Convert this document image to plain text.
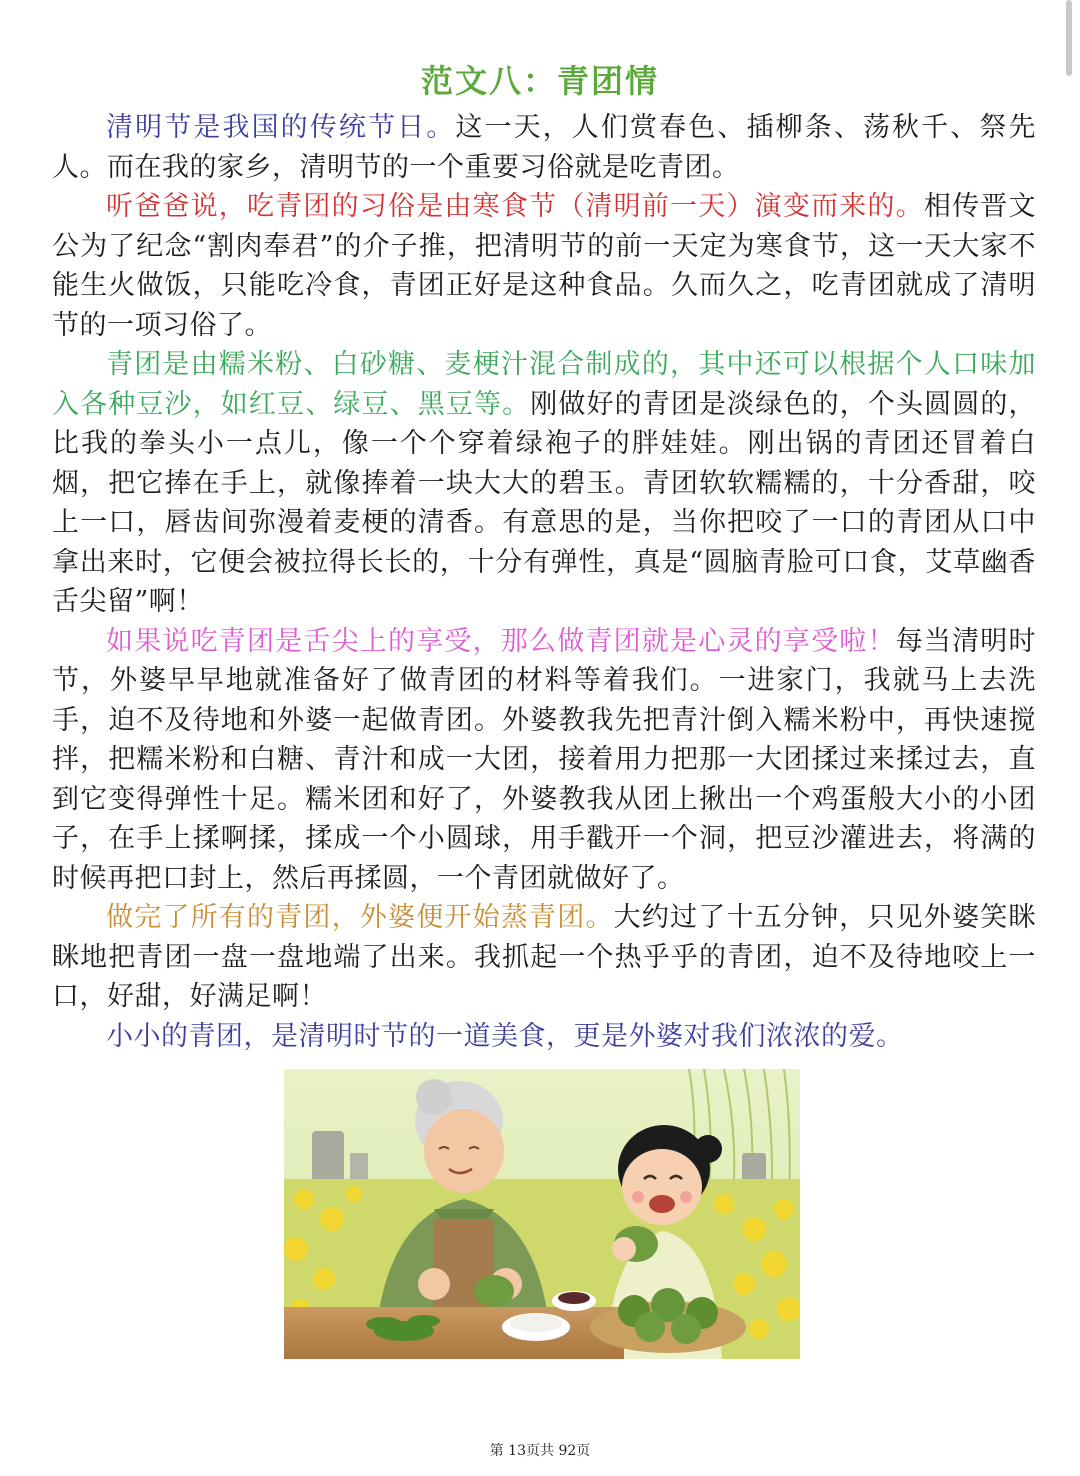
范文八：青团情

清明节是我国的传统节日。这一天，人们赏春色、插柳条、荡秋千、祭先人。而在我的家乡，清明节的一个重要习俗就是吃青团。

听爸爸说，吃青团的习俗是由寒食节（清明前一天）演变而来的。相传晋文公为了纪念“割肉奉君”的介子推，把清明节的前一天定为寒食节，这一天大家不能生火做饭，只能吃冷食，青团正好是这种食品。久而久之，吃青团就成了清明节的一项习俗了。

青团是由糯米粉、白砂糖、麦梗汁混合制成的，其中还可以根据个人口味加入各种豆沙，如红豆、绿豆、黑豆等。刚做好的青团是淡绿色的，个头圆圆的，比我的拳头小一点儿，像一个个穿着绿袍子的胖娃娃。刚出锅的青团还冒着白烟，把它捧在手上，就像捧着一块大大的碧玉。青团软软糯糯的，十分香甜，咬上一口，唇齿间弥漫着麦梗的清香。有意思的是，当你把咬了一口的青团从口中拿出来时，它便会被拉得长长的，十分有弹性，真是“圆脑青脸可口食，艾草幽香舌尖留”啊！

如果说吃青团是舌尖上的享受，那么做青团就是心灵的享受啦！每当清明时节，外婆早早地就准备好了做青团的材料等着我们。一进家门，我就马上去洗手，迫不及待地和外婆一起做青团。外婆教我先把青汁倒入糯米粉中，再快速搅拌，把糯米粉和白糖、青汁和成一大团，接着用力把那一大团揉过来揉过去，直到它变得弹性十足。糯米团和好了，外婆教我从团上揪出一个鸡蛋般大小的小团子，在手上揉啊揉，揉成一个小圆球，用手戳开一个洞，把豆沙灌进去，将满的时候再把口封上，然后再揉圆，一个青团就做好了。

做完了所有的青团，外婆便开始蒸青团。大约过了十五分钟，只见外婆笑眯眯地把青团一盘一盘地端了出来。我抓起一个热乎乎的青团，迫不及待地咬上一口，好甜，好满足啊！

小小的青团，是清明时节的一道美食，更是外婆对我们浓浓的爱。

第 13页共 92页
